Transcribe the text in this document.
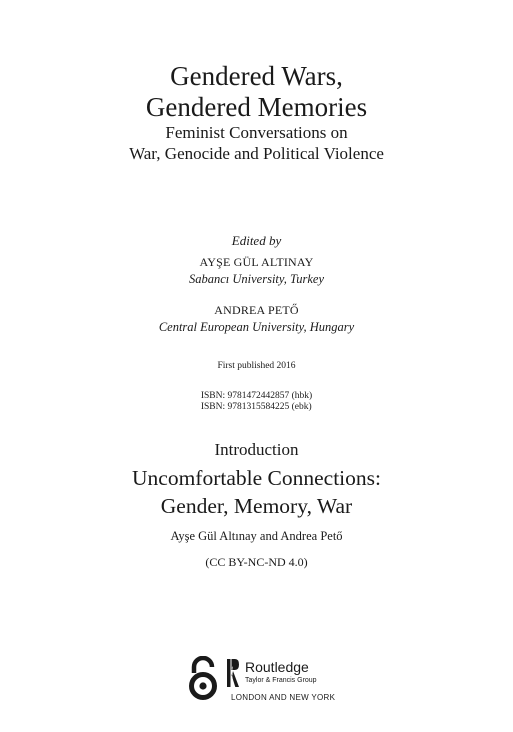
Gendered Wars,
Gendered Memories
Feminist Conversations on
War, Genocide and Political Violence
Edited by
AYŞE GÜL ALTINAY
Sabancı University, Turkey
ANDREA PETŐ
Central European University, Hungary
First published 2016
ISBN: 9781472442857 (hbk)
ISBN: 9781315584225 (ebk)
Introduction
Uncomfortable Connections:
Gender, Memory, War
Ayşe Gül Altınay and Andrea Pető
(CC BY-NC-ND 4.0)
ROUTLEDGE Routledge
Taylor & Francis Group
LONDON AND NEW YORK
